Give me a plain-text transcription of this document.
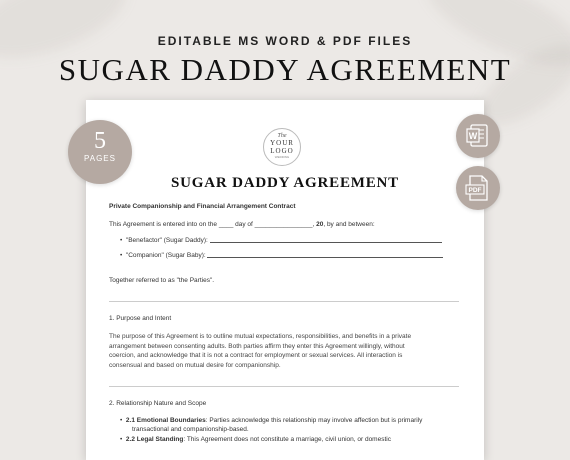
EDITABLE MS WORD & PDF FILES
SUGAR DADDY AGREEMENT
The
YOUR
LOGO
WEDDING
SUGAR DADDY AGREEMENT
Private Companionship and Financial Arrangement Contract
This Agreement is entered into on the ____ day of ________________, 20, by and between:
• "Benefactor" (Sugar Daddy):
• "Companion" (Sugar Baby):
Together referred to as "the Parties".
1. Purpose and Intent
The purpose of this Agreement is to outline mutual expectations, responsibilities, and benefits in a private
arrangement between consenting adults. Both parties affirm they enter this Agreement willingly, without
coercion, and acknowledge that it is not a contract for employment or sexual services. All interaction is
consensual and based on mutual desire for companionship.
2. Relationship Nature and Scope
• 2.1 Emotional Boundaries: Parties acknowledge this relationship may involve affection but is primarily
transactional and companionship-based.
• 2.2 Legal Standing: This Agreement does not constitute a marriage, civil union, or domestic
5
PAGES
W
PDF
